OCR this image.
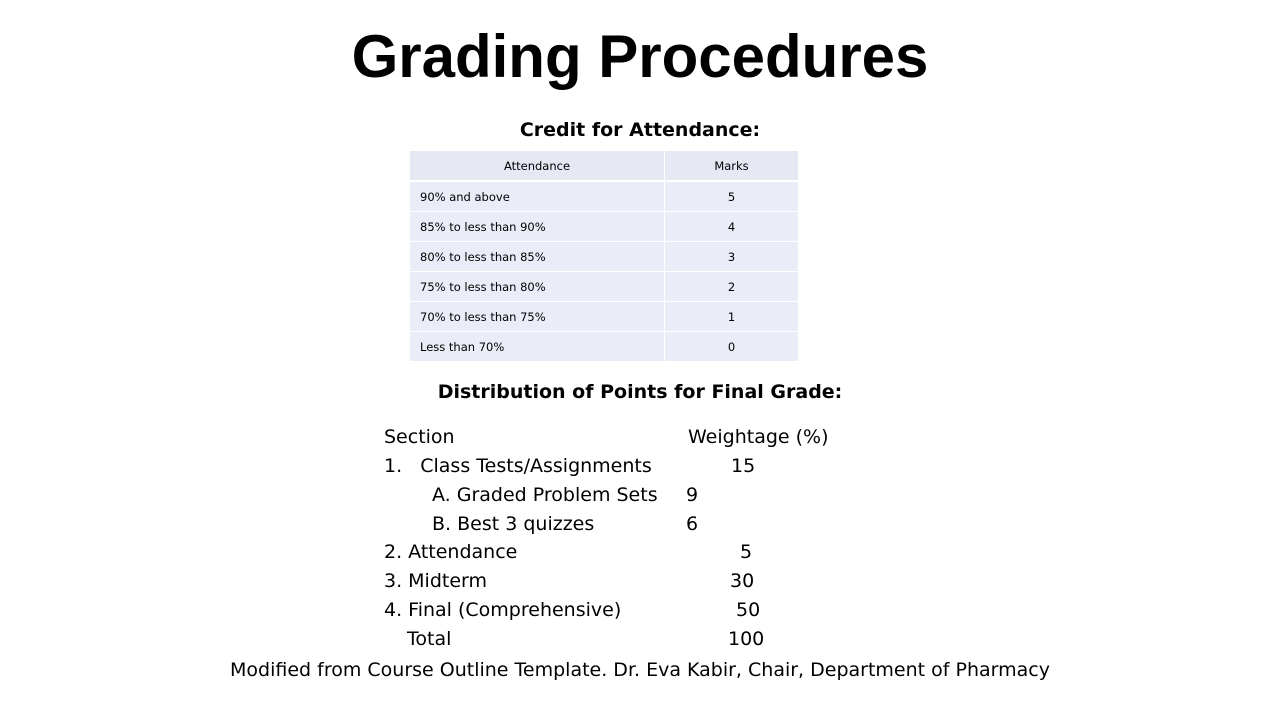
Grading Procedures
Credit for Attendance:
Attendance	Marks
90% and above	5
85% to less than 90%	4
80% to less than 85%	3
75% to less than 80%	2
70% to less than 75%	1
Less than 70%	0
Distribution of Points for Final Grade:
Section	Weightage (%)
1.   Class Tests/Assignments	15
A. Graded Problem Sets 9
B. Best 3 quizzes	6
2. Attendance	5
3. Midterm	30
4. Final (Comprehensive)	50
Total	100
Modified from Course Outline Template. Dr. Eva Kabir, Chair, Department of Pharmacy
